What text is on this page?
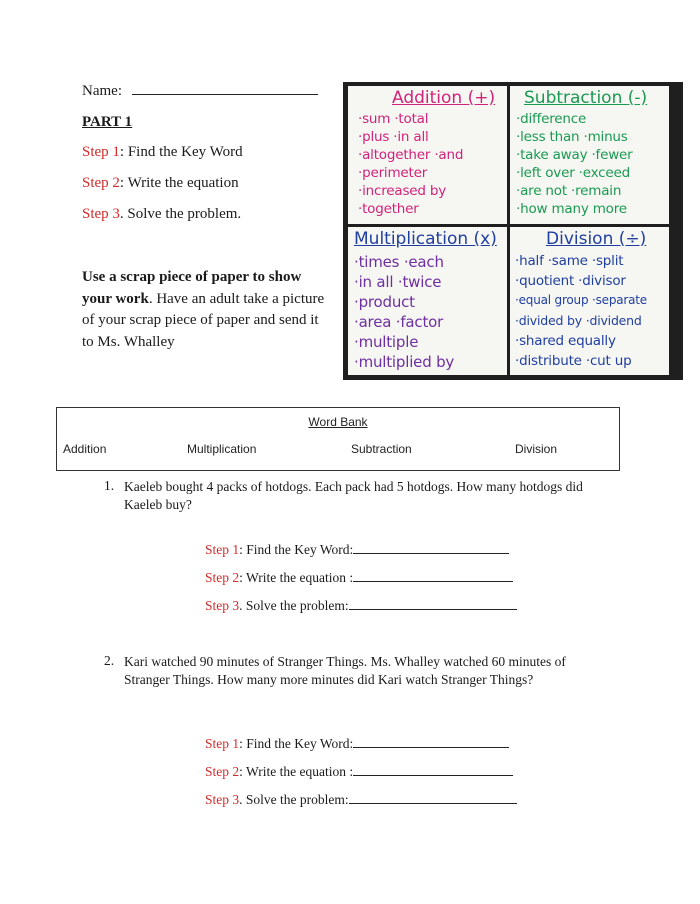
Name:
PART 1
Step 1: Find the Key Word
Step 2: Write the equation
Step 3. Solve the problem.
Use a scrap piece of paper to show your work. Have an adult take a picture of your scrap piece of paper and send it to Ms. Whalley
Addition (+)
·sum ·total
·plus ·in all
·altogether ·and
·perimeter
·increased by
·together
Subtraction (-)
·difference
·less than ·minus
·take away ·fewer
·left over ·exceed
·are not ·remain
·how many more
Multiplication (x)
·times ·each
·in all ·twice
·product
·area ·factor
·multiple
·multiplied by
Division (÷)
·half ·same ·split
·quotient ·divisor
·equal group ·separate
·divided by ·dividend
·shared equally
·distribute ·cut up
Word Bank
Addition	Multiplication	Subtraction	Division
1. Kaeleb bought 4 packs of hotdogs. Each pack had 5 hotdogs. How many hotdogs did Kaeleb buy?
Step 1: Find the Key Word:
Step 2: Write the equation :
Step 3. Solve the problem:
2. Kari watched 90 minutes of Stranger Things. Ms. Whalley watched 60 minutes of Stranger Things. How many more minutes did Kari watch Stranger Things?
Step 1: Find the Key Word:
Step 2: Write the equation :
Step 3. Solve the problem:
